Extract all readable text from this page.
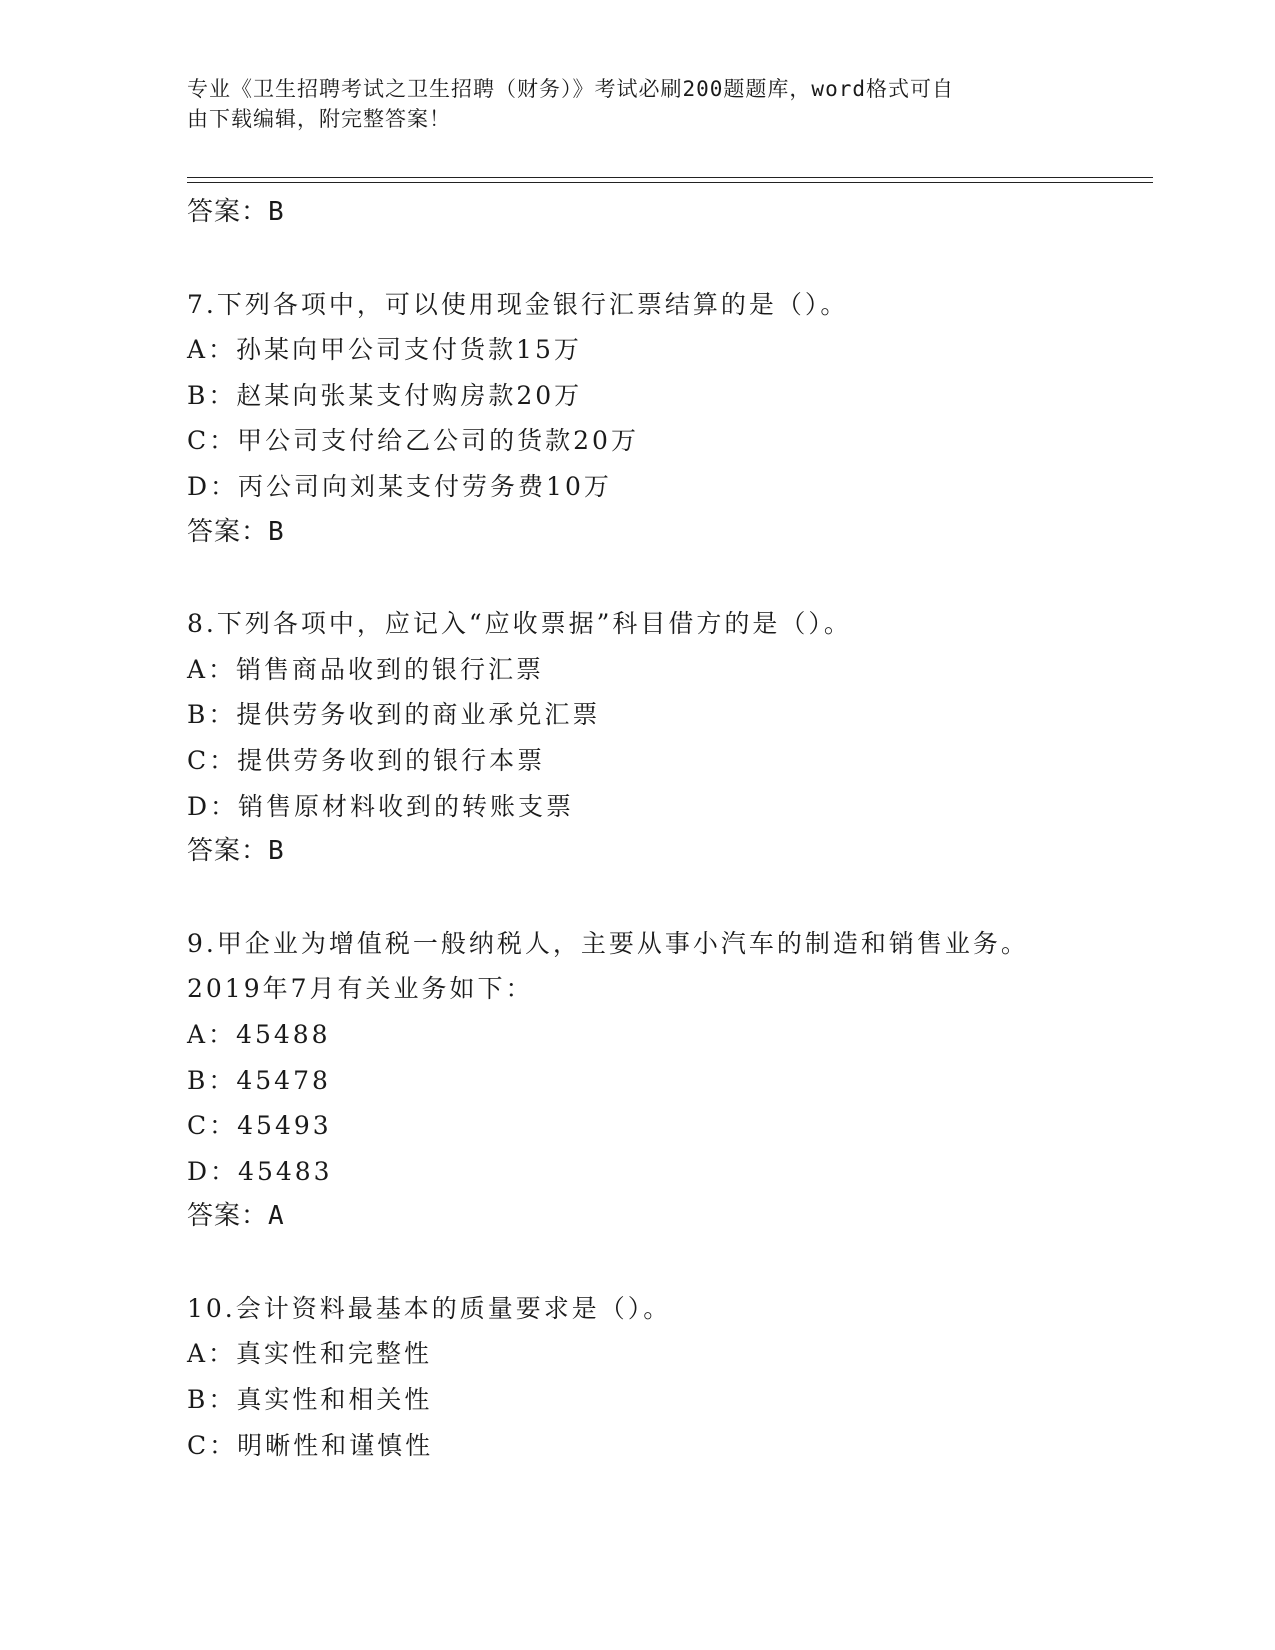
专业《卫生招聘考试之卫生招聘（财务）》考试必刷200题题库，word格式可自
由下载编辑，附完整答案！
答案：B
7.下列各项中，可以使用现金银行汇票结算的是（）。
A：孙某向甲公司支付货款15万
B：赵某向张某支付购房款20万
C：甲公司支付给乙公司的货款20万
D：丙公司向刘某支付劳务费10万
答案：B
8.下列各项中，应记入“应收票据”科目借方的是（）。
A：销售商品收到的银行汇票
B：提供劳务收到的商业承兑汇票
C：提供劳务收到的银行本票
D：销售原材料收到的转账支票
答案：B
9.甲企业为增值税一般纳税人，主要从事小汽车的制造和销售业务。
2019年7月有关业务如下：
A：45488
B：45478
C：45493
D：45483
答案：A
10.会计资料最基本的质量要求是（）。
A：真实性和完整性
B：真实性和相关性
C：明晰性和谨慎性
